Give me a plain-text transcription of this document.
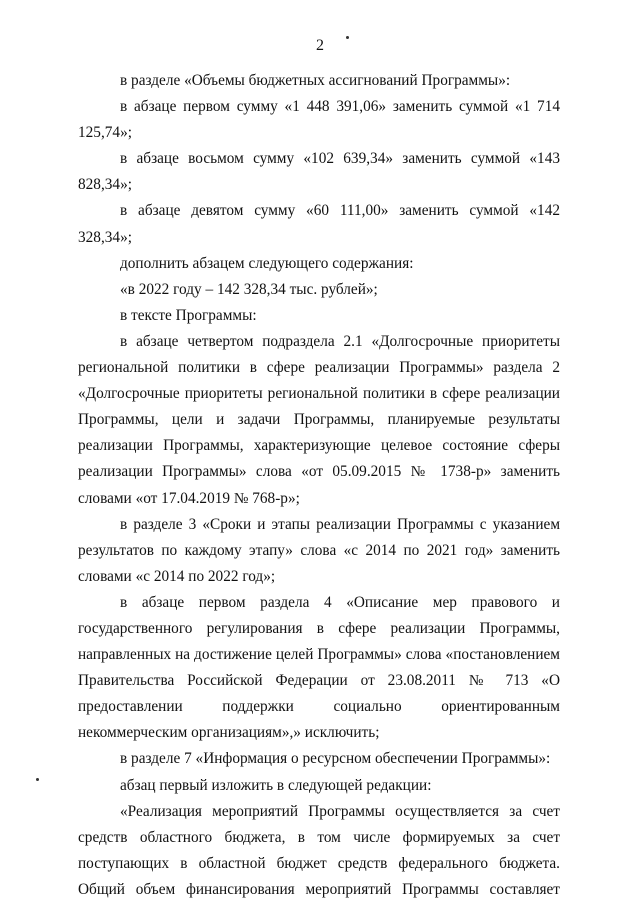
2

в разделе «Объемы бюджетных ассигнований Программы»:

в абзаце первом сумму «1 448 391,06» заменить суммой «1 714 125,74»;

в абзаце восьмом сумму «102 639,34» заменить суммой «143 828,34»;

в абзаце девятом сумму «60 111,00» заменить суммой «142 328,34»;

дополнить абзацем следующего содержания:

«в 2022 году – 142 328,34 тыс. рублей»;

в тексте Программы:

в абзаце четвертом подраздела 2.1 «Долгосрочные приоритеты региональной политики в сфере реализации Программы» раздела 2 «Долгосрочные приоритеты региональной политики в сфере реализации Программы, цели и задачи Программы, планируемые результаты реализации Программы, характеризующие целевое состояние сферы реализации Программы» слова «от 05.09.2015 № 1738-р» заменить словами «от 17.04.2019 № 768-р»;

в разделе 3 «Сроки и этапы реализации Программы с указанием результатов по каждому этапу» слова «с 2014 по 2021 год» заменить словами «с 2014 по 2022 год»;

в абзаце первом раздела 4 «Описание мер правового и государственного регулирования в сфере реализации Программы, направленных на достижение целей Программы» слова «постановлением Правительства Российской Федерации от 23.08.2011 № 713 «О предоставлении поддержки социально ориентированным некоммерческим организациям»,» исключить;

в разделе 7 «Информация о ресурсном обеспечении Программы»:

абзац первый изложить в следующей редакции:

«Реализация мероприятий Программы осуществляется за счет средств областного бюджета, в том числе формируемых за счет поступающих в областной бюджет средств федерального бюджета. Общий объем финансирования мероприятий Программы составляет
